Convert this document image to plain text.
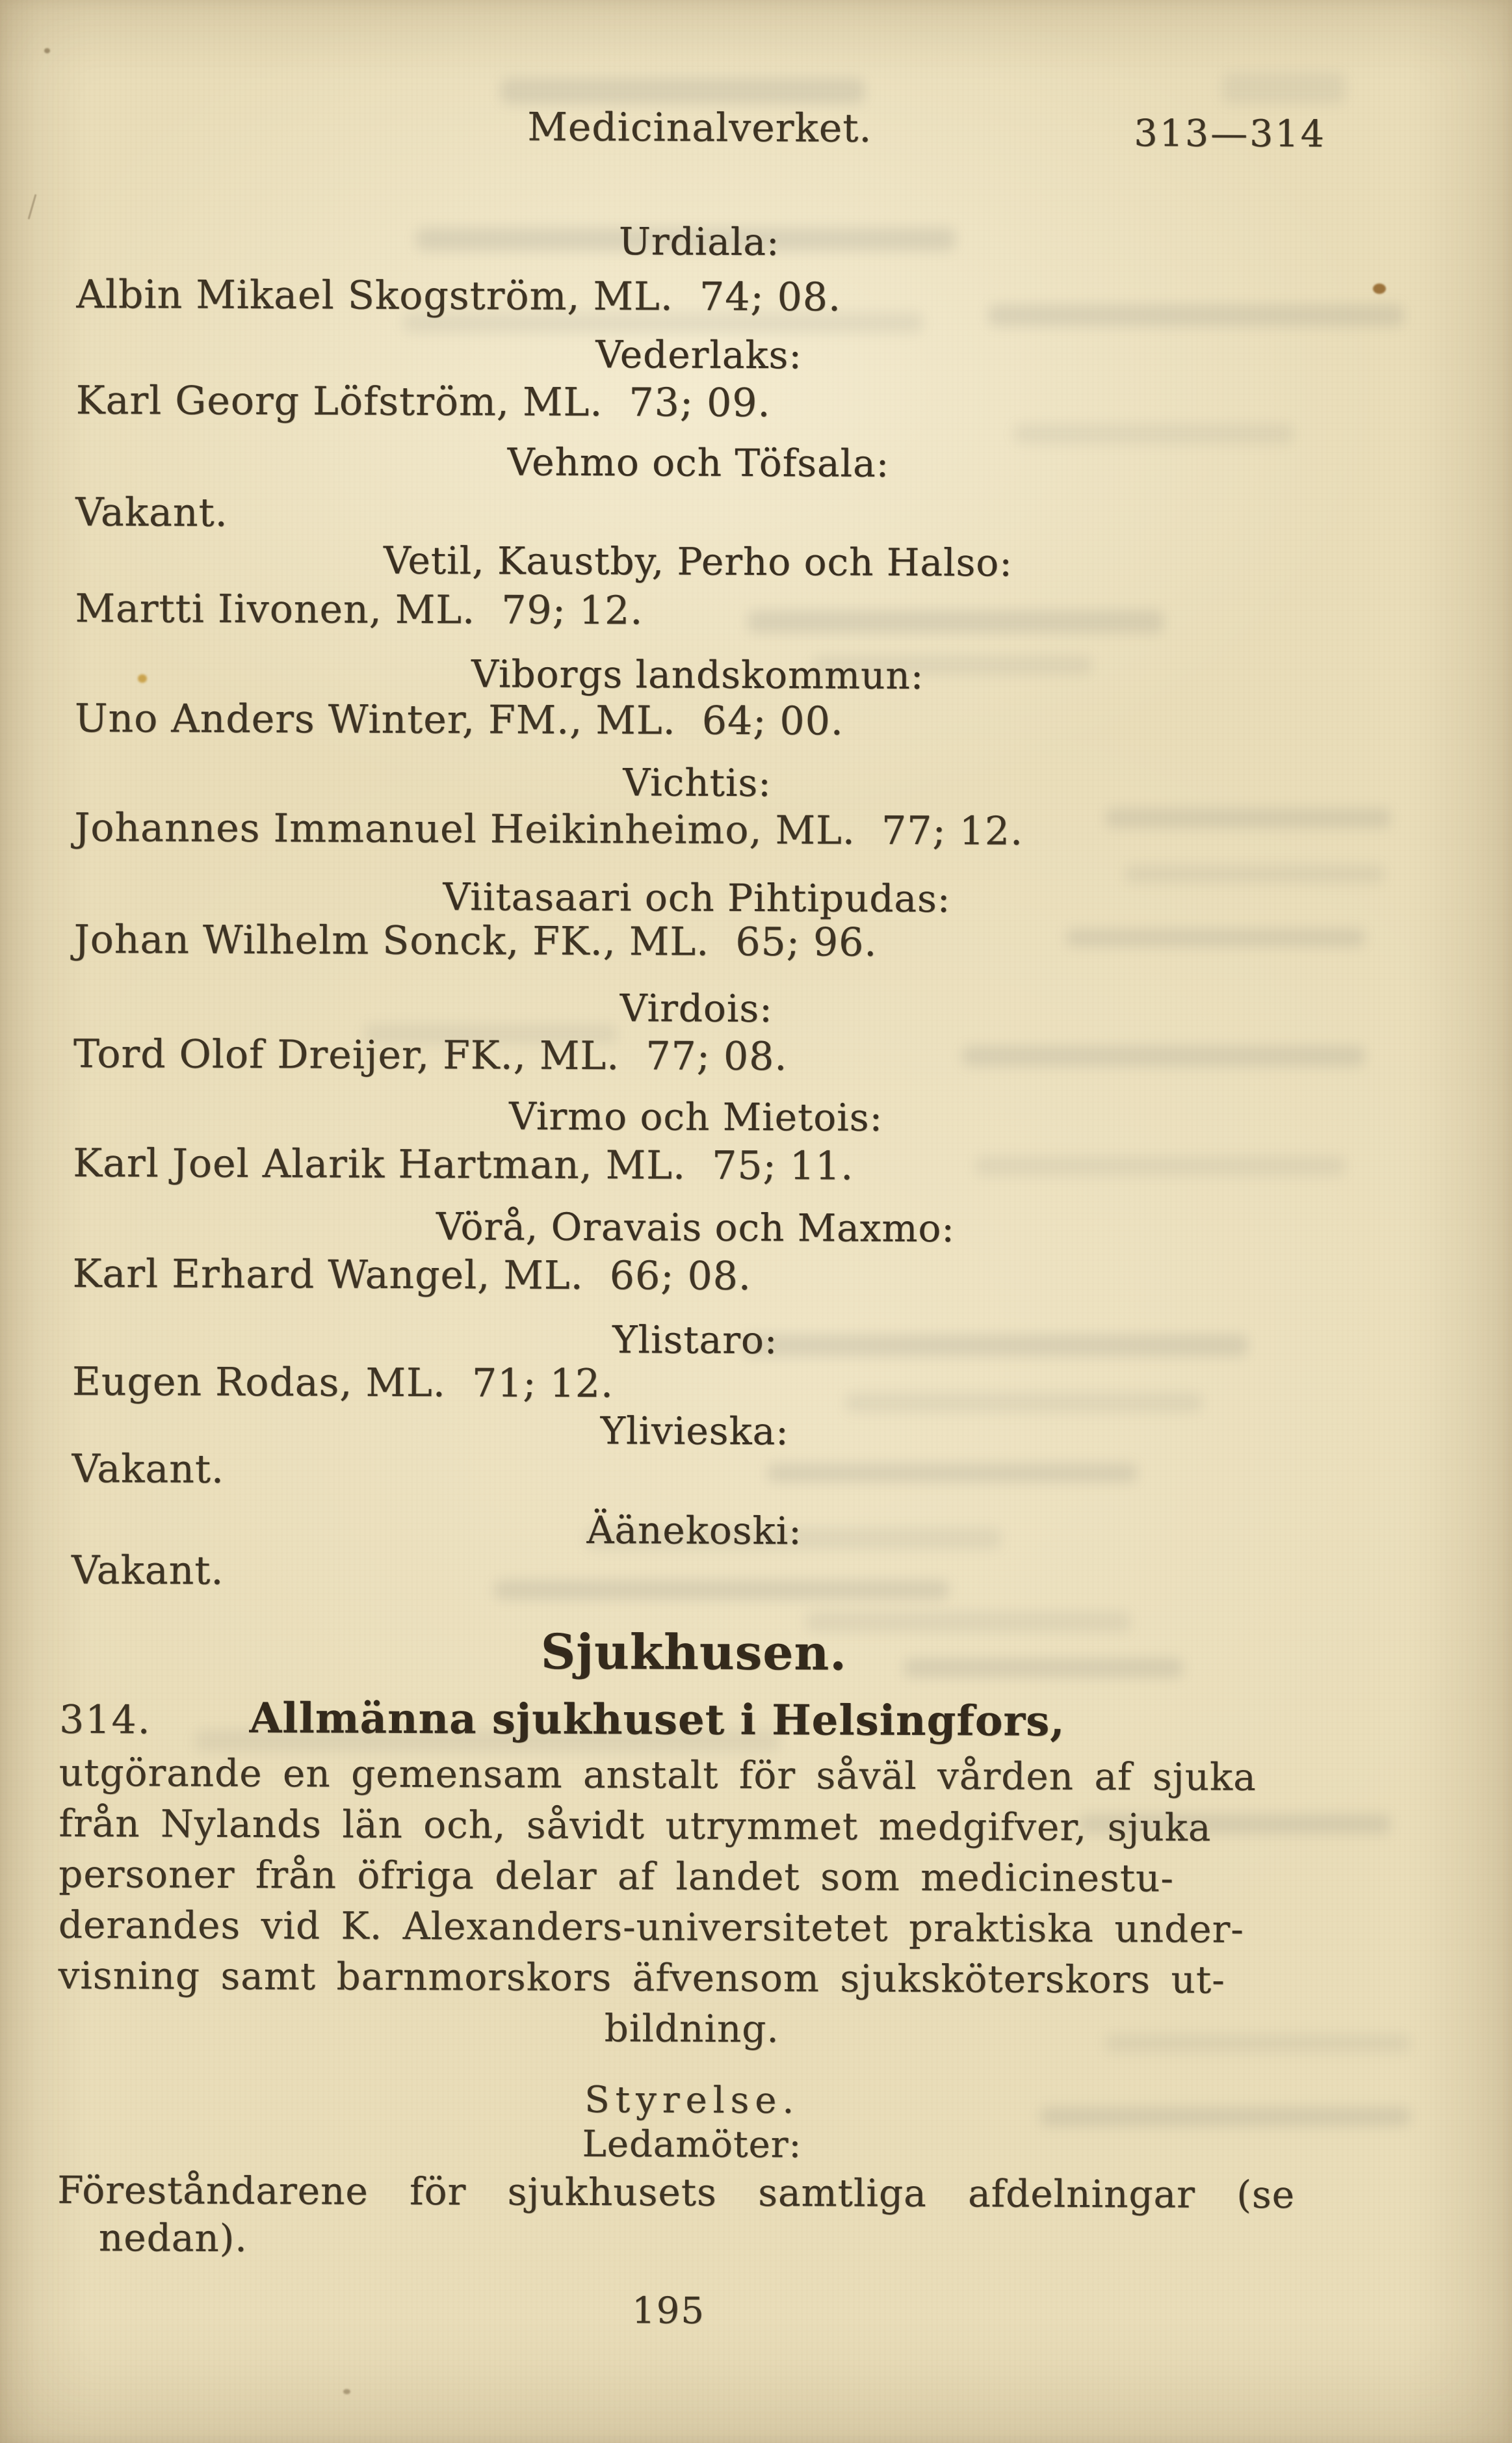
Medicinalverket.	313—314
Urdiala:
Albin Mikael Skogström, ML.  74; 08.
Vederlaks:
Karl Georg Löfström, ML.  73; 09.
Vehmo och Töfsala:
Vakant.
Vetil, Kaustby, Perho och Halso:
Martti Iivonen, ML.  79; 12.
Viborgs landskommun:
Uno Anders Winter, FM., ML.  64; 00.
Vichtis:
Johannes Immanuel Heikinheimo, ML.  77; 12.
Viitasaari och Pihtipudas:
Johan Wilhelm Sonck, FK., ML.  65; 96.
Virdois:
Tord Olof Dreijer, FK., ML.  77; 08.
Virmo och Mietois:
Karl Joel Alarik Hartman, ML.  75; 11.
Vörå, Oravais och Maxmo:
Karl Erhard Wangel, ML.  66; 08.
Ylistaro:
Eugen Rodas, ML.  71; 12.
Ylivieska:
Vakant.
Äänekoski:
Vakant.
Sjukhusen.
314.	Allmänna sjukhuset i Helsingfors,
utgörande en gemensam anstalt för såväl vården af sjuka
från Nylands län och, såvidt utrymmet medgifver, sjuka
personer från öfriga delar af landet som medicinestu-
derandes vid K. Alexanders-universitetet praktiska under-
visning samt barnmorskors äfvensom sjuksköterskors ut-
bildning.
Styrelse.
Ledamöter:
Föreståndarene för sjukhusets samtliga afdelningar (se
nedan).
195
